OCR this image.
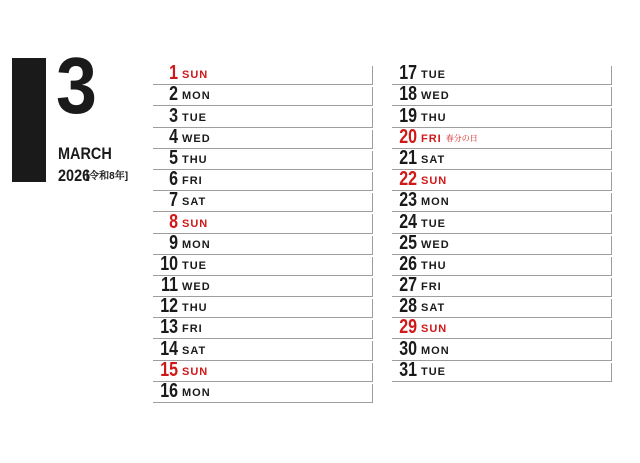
3
MARCH
2026[令和8年]
1 SUN
2 MON
3 TUE
4 WED
5 THU
6 FRI
7 SAT
8 SUN
9 MON
10 TUE
11 WED
12 THU
13 FRI
14 SAT
15 SUN
16 MON
17 TUE
18 WED
19 THU
20 FRI 春分の日
21 SAT
22 SUN
23 MON
24 TUE
25 WED
26 THU
27 FRI
28 SAT
29 SUN
30 MON
31 TUE
